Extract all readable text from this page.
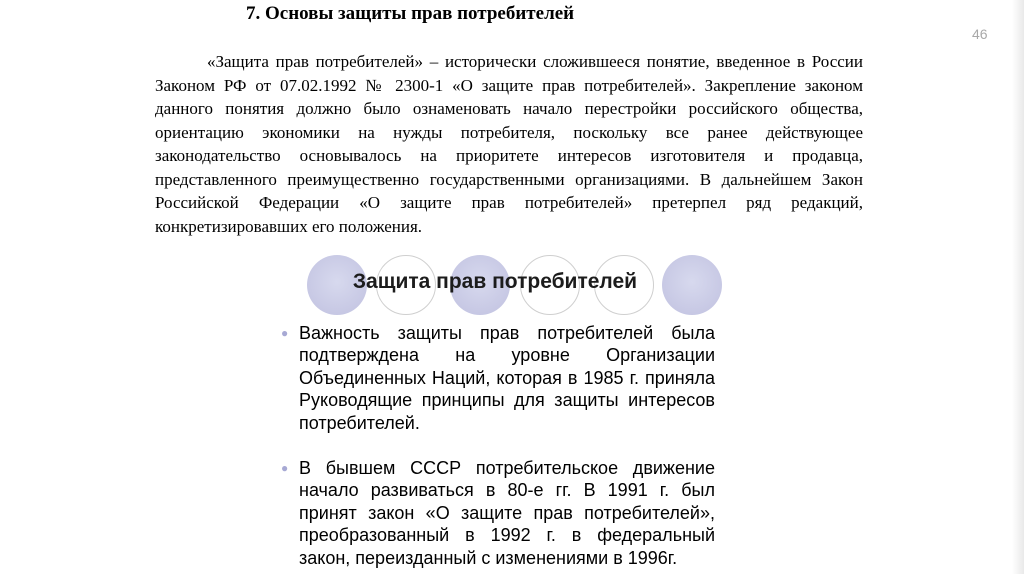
46
7. Основы защиты прав потребителей

«Защита прав потребителей» – исторически сложившееся понятие, введенное в России Законом РФ от 07.02.1992 № 2300-1 «О защите прав потребителей». Закрепление законом данного понятия должно было ознаменовать начало перестройки российского общества, ориентацию экономики на нужды потребителя, поскольку все ранее действующее законодательство основывалось на приоритете интересов изготовителя и продавца, представленного преимущественно государственными организациями. В дальнейшем Закон Российской Федерации «О защите прав потребителей» претерпел ряд редакций, конкретизировавших его положения.

Защита прав потребителей
● Важность защиты прав потребителей была подтверждена на уровне Организации Объединенных Наций, которая в 1985 г. приняла Руководящие принципы для защиты интересов потребителей.
● В бывшем СССР потребительское движение начало развиваться в 80-е гг. В 1991 г. был принят закон «О защите прав потребителей», преобразованный в 1992 г. в федеральный закон, переизданный с изменениями в 1996г.
